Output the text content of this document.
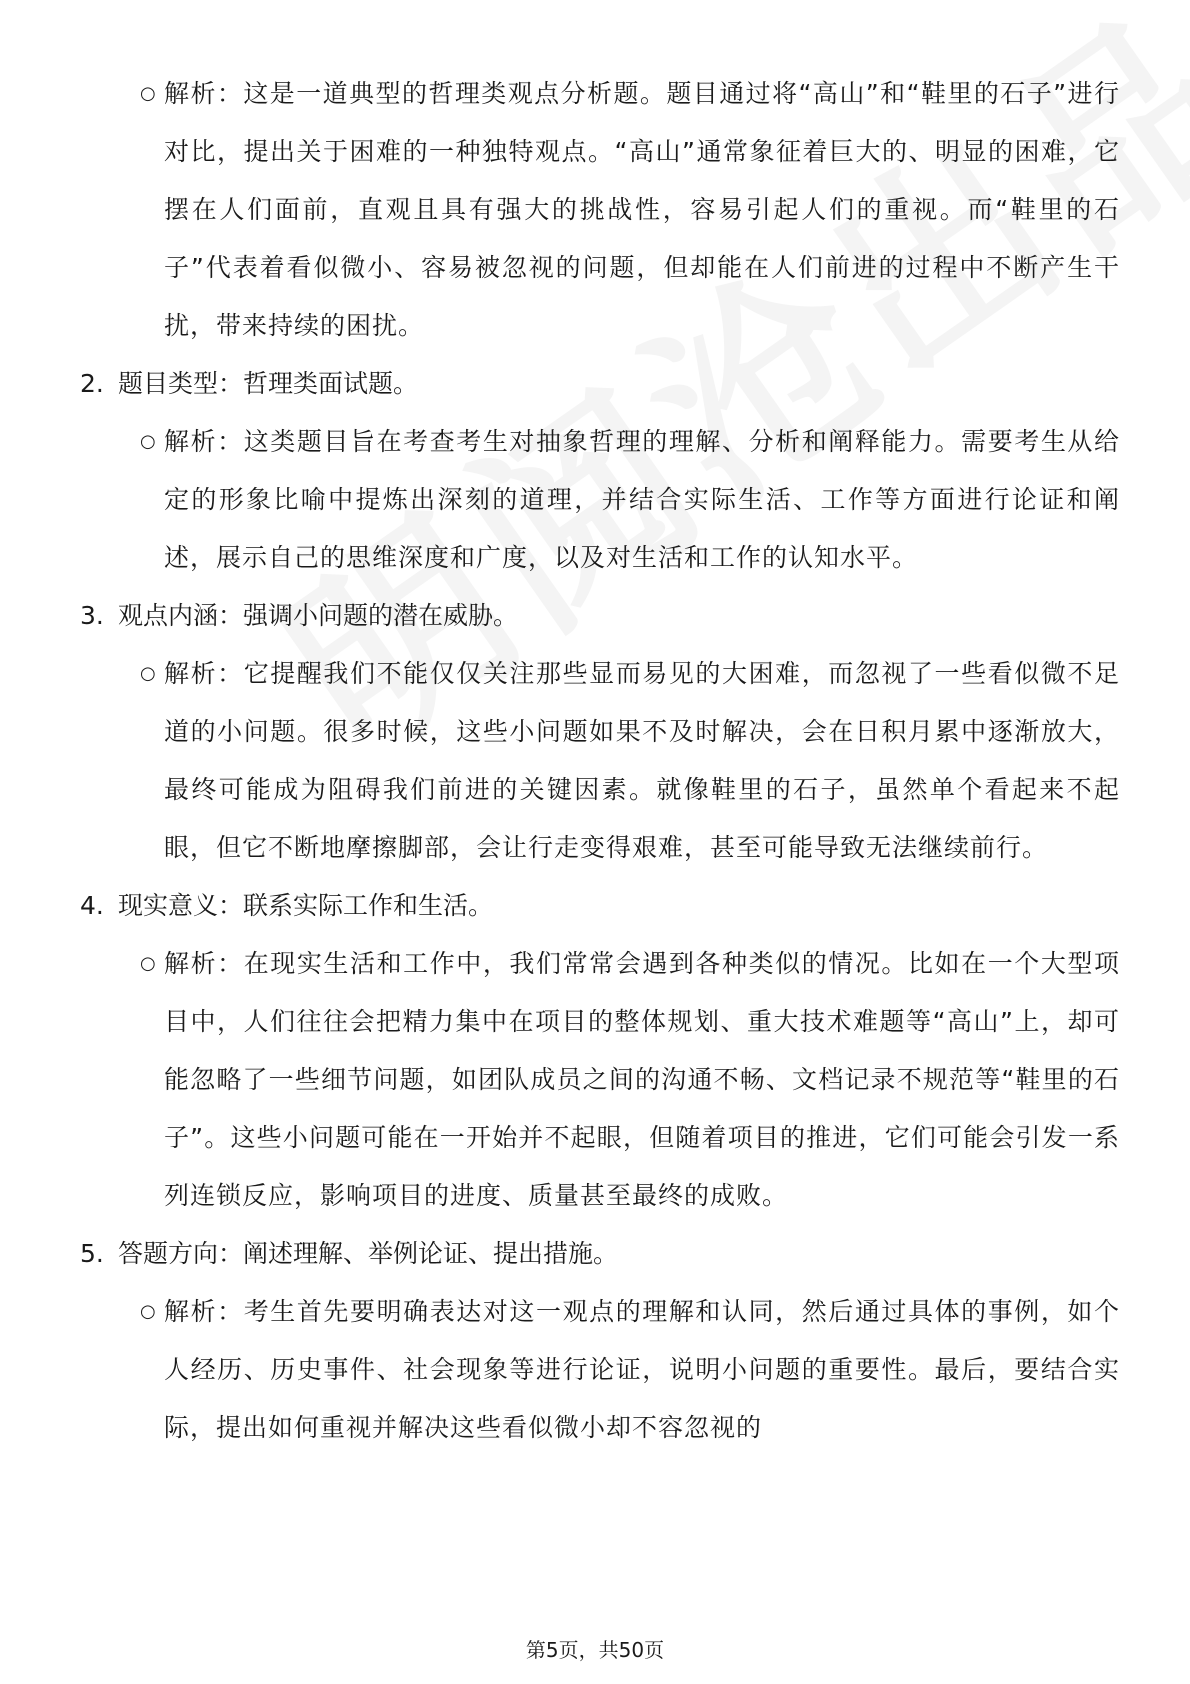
○ 解析：这是一道典型的哲理类观点分析题。题目通过将“高山”和“鞋里的石子”进行对比，提出关于困难的一种独特观点。“高山”通常象征着巨大的、明显的困难，它摆在人们面前，直观且具有强大的挑战性，容易引起人们的重视。而“鞋里的石子”代表着看似微小、容易被忽视的问题，但却能在人们前进的过程中不断产生干扰，带来持续的困扰。
2. 题目类型：哲理类面试题。
○ 解析：这类题目旨在考查考生对抽象哲理的理解、分析和阐释能力。需要考生从给定的形象比喻中提炼出深刻的道理，并结合实际生活、工作等方面进行论证和阐述，展示自己的思维深度和广度，以及对生活和工作的认知水平。
3. 观点内涵：强调小问题的潜在威胁。
○ 解析：它提醒我们不能仅仅关注那些显而易见的大困难，而忽视了一些看似微不足道的小问题。很多时候，这些小问题如果不及时解决，会在日积月累中逐渐放大，最终可能成为阻碍我们前进的关键因素。就像鞋里的石子，虽然单个看起来不起眼，但它不断地摩擦脚部，会让行走变得艰难，甚至可能导致无法继续前行。
4. 现实意义：联系实际工作和生活。
○ 解析：在现实生活和工作中，我们常常会遇到各种类似的情况。比如在一个大型项目中，人们往往会把精力集中在项目的整体规划、重大技术难题等“高山”上，却可能忽略了一些细节问题，如团队成员之间的沟通不畅、文档记录不规范等“鞋里的石子”。这些小问题可能在一开始并不起眼，但随着项目的推进，它们可能会引发一系列连锁反应，影响项目的进度、质量甚至最终的成败。
5. 答题方向：阐述理解、举例论证、提出措施。
○ 解析：考生首先要明确表达对这一观点的理解和认同，然后通过具体的事例，如个人经历、历史事件、社会现象等进行论证，说明小问题的重要性。最后，要结合实际，提出如何重视并解决这些看似微小却不容忽视的
第5页，共50页
